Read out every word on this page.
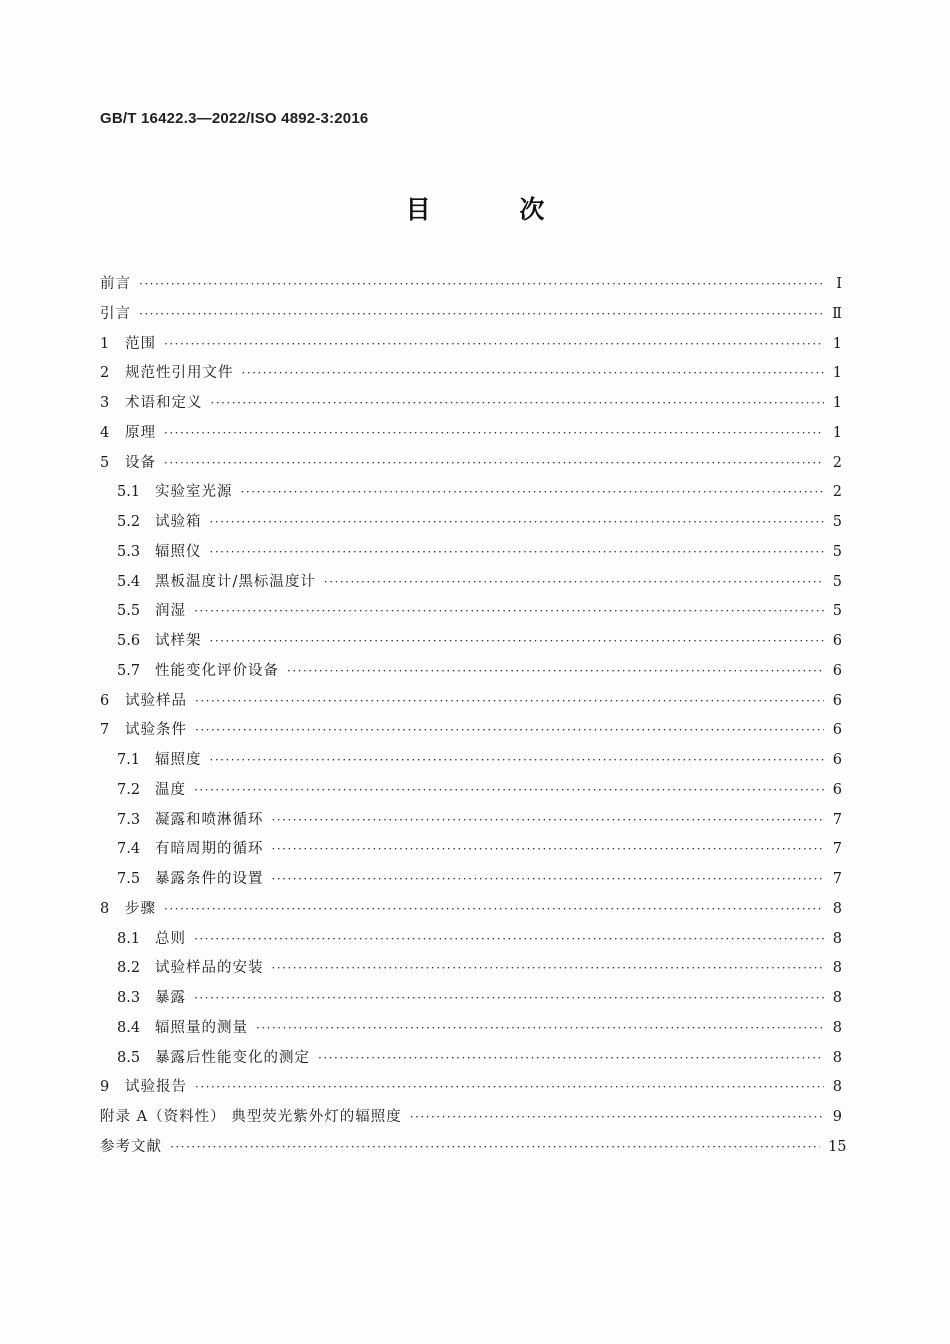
GB/T 16422.3—2022/ISO 4892-3:2016
目 次
前言 ·····	Ⅰ
引言 ·····	Ⅱ
1	范围 ·····	1
2	规范性引用文件 ·····	1
3	术语和定义 ·····	1
4	原理 ·····	1
5	设备 ·····	2
5.1	实验室光源 ·····	2
5.2	试验箱 ·····	5
5.3	辐照仪 ·····	5
5.4	黑板温度计/黑标温度计 ·····	5
5.5	润湿 ·····	5
5.6	试样架 ·····	6
5.7	性能变化评价设备 ·····	6
6	试验样品 ·····	6
7	试验条件 ·····	6
7.1	辐照度 ·····	6
7.2	温度 ·····	6
7.3	凝露和喷淋循环 ·····	7
7.4	有暗周期的循环 ·····	7
7.5	暴露条件的设置 ·····	7
8	步骤 ·····	8
8.1	总则 ·····	8
8.2	试验样品的安装 ·····	8
8.3	暴露 ·····	8
8.4	辐照量的测量 ·····	8
8.5	暴露后性能变化的测定 ·····	8
9	试验报告 ·····	8
附录 A（资料性） 典型荧光紫外灯的辐照度 ·····	9
参考文献 ·····	15
